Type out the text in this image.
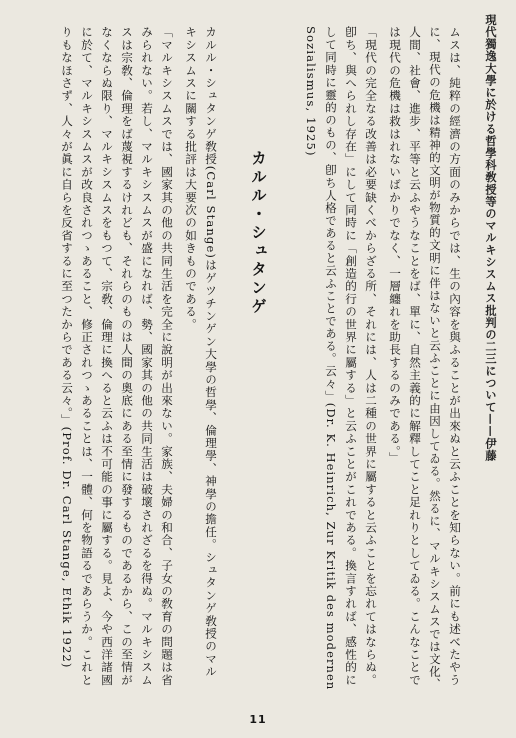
現代獨逸大學に於ける哲學科敎授等のマルキシスムス批判の二三について——伊藤
ムスは、純粹の經濟の方面のみからでは、生の內容を與ふることが出來ぬと云ふことを知らない。前にも述べたやう
に、現代の危機は精神的文明が物質的文明に伴はないと云ふことに由因してゐる。然るに、マルキシスムスでは文化、
人間、社會、進步、平等と云ふやうなことをば、單に、自然主義的に解釋してこと足れりとしてゐる。こんなことで
は現代の危機は救はれないばかりでなく、一層纏れを助長するのみである。」
「現代の完全なる改善は必要缺くべからざる所、それには、人は二種の世界に屬すると云ふことを忘れてはならぬ。
卽ち、與へられし存在」にして同時に「創造的行の世界に屬する」と云ふことがこれである。換言すれば、感性的に
して同時に靈的のもの、卽ち人格であると云ふことである。云々」(Dr. K. Heinrich, Zur Kritik des modernen
Sozialismus, 1925)
カルル・シュタンゲ
カルル・シュタンゲ敎授(Carl Stange)はゲツチンゲン大學の哲學、倫理學、神學の擔任。シュタンゲ敎授のマル
キシスムスに關する批評は大要次の如きものである。
「マルキシスムスでは、國家其の他の共同生活を完全に說明が出來ない。家族、夫婦の和合、子女の敎育の問題は省
みられない。若し、マルキシスムスが盛になれば、勢、國家其の他の共同生活は破壞されざるを得ぬ。マルキシスム
スは宗敎、倫理をば蔑視するけれども、それらのものは人間の奧底にある至情に發するものであるから、この至情が
なくならぬ限り、マルキシスムスをもつて、宗敎、倫理に換へると云ふは不可能の事に屬する。見よ、今や西洋諸國
に於て、マルキシスムスが改良されつゝあること、修正されつゝあることは、一體、何を物語るであらうか。これと
りもなほさず、人々が眞に自らを反省するに至つたからである云々。」(Prof. Dr. Carl Stange, Ethik 1922)
11
